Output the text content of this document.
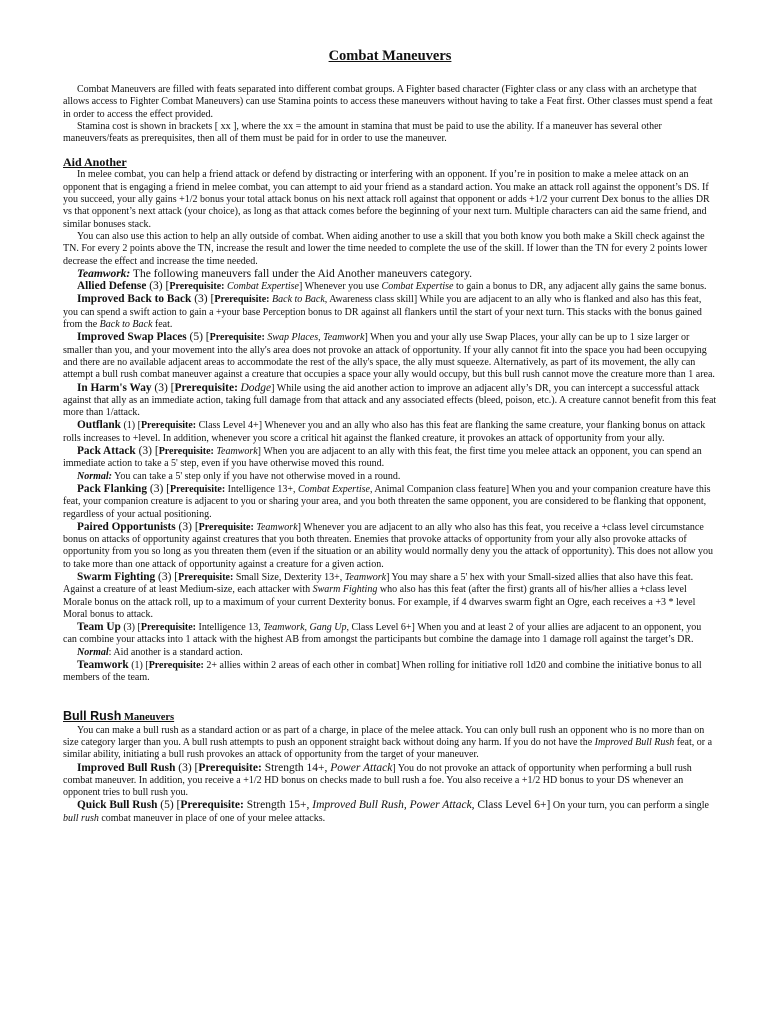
Combat Maneuvers

Combat Maneuvers are filled with feats separated into different combat groups. A Fighter based character (Fighter class or any class with an archetype that allows access to Fighter Combat Maneuvers) can use Stamina points to access these maneuvers without having to take a Feat first. Other classes must spend a feat in order to access the effect provided.

Stamina cost is shown in brackets [ xx ], where the xx = the amount in stamina that must be paid to use the ability. If a maneuver has several other maneuvers/feats as prerequisites, then all of them must be paid for in order to use the maneuver.

Aid Another

In melee combat, you can help a friend attack or defend by distracting or interfering with an opponent. If you’re in position to make a melee attack on an opponent that is engaging a friend in melee combat, you can attempt to aid your friend as a standard action. You make an attack roll against the opponent’s DS. If you succeed, your ally gains +1/2 bonus your total attack bonus on his next attack roll against that opponent or adds +1/2 your current Dex bonus to the allies DR vs that opponent’s next attack (your choice), as long as that attack comes before the beginning of your next turn. Multiple characters can aid the same friend, and similar bonuses stack.

You can also use this action to help an ally outside of combat. When aiding another to use a skill that you both know you both make a Skill check against the TN. For every 2 points above the TN, increase the result and lower the time needed to complete the use of the skill. If lower than the TN for every 2 points lower decrease the effect and increase the time needed.

Teamwork: The following maneuvers fall under the Aid Another maneuvers category.

Allied Defense (3) [Prerequisite: Combat Expertise] Whenever you use Combat Expertise to gain a bonus to DR, any adjacent ally gains the same bonus.

Improved Back to Back (3) [Prerequisite: Back to Back, Awareness class skill] While you are adjacent to an ally who is flanked and also has this feat, you can spend a swift action to gain a +your base Perception bonus to DR against all flankers until the start of your next turn. This stacks with the bonus gained from the Back to Back feat.

Improved Swap Places (5) [Prerequisite: Swap Places, Teamwork] When you and your ally use Swap Places, your ally can be up to 1 size larger or smaller than you, and your movement into the ally's area does not provoke an attack of opportunity. If your ally cannot fit into the space you had been occupying and there are no available adjacent areas to accommodate the rest of the ally's space, the ally must squeeze. Alternatively, as part of its movement, the ally can attempt a bull rush combat maneuver against a creature that occupies a space your ally would occupy, but this bull rush cannot move the creature more than 1 area.

In Harm's Way (3) [Prerequisite: Dodge] While using the aid another action to improve an adjacent ally’s DR, you can intercept a successful attack against that ally as an immediate action, taking full damage from that attack and any associated effects (bleed, poison, etc.). A creature cannot benefit from this feat more than 1/attack.

Outflank (1) [Prerequisite: Class Level 4+] Whenever you and an ally who also has this feat are flanking the same creature, your flanking bonus on attack rolls increases to +level. In addition, whenever you score a critical hit against the flanked creature, it provokes an attack of opportunity from your ally.

Pack Attack (3) [Prerequisite: Teamwork] When you are adjacent to an ally with this feat, the first time you melee attack an opponent, you can spend an immediate action to take a 5' step, even if you have otherwise moved this round.

Normal: You can take a 5' step only if you have not otherwise moved in a round.

Pack Flanking (3) [Prerequisite: Intelligence 13+, Combat Expertise, Animal Companion class feature] When you and your companion creature have this feat, your companion creature is adjacent to you or sharing your area, and you both threaten the same opponent, you are considered to be flanking that opponent, regardless of your actual positioning.

Paired Opportunists (3) [Prerequisite: Teamwork] Whenever you are adjacent to an ally who also has this feat, you receive a +class level circumstance bonus on attacks of opportunity against creatures that you both threaten. Enemies that provoke attacks of opportunity from your ally also provoke attacks of opportunity from you so long as you threaten them (even if the situation or an ability would normally deny you the attack of opportunity). This does not allow you to take more than one attack of opportunity against a creature for a given action.

Swarm Fighting (3) [Prerequisite: Small Size, Dexterity 13+, Teamwork] You may share a 5' hex with your Small-sized allies that also have this feat. Against a creature of at least Medium-size, each attacker with Swarm Fighting who also has this feat (after the first) grants all of his/her allies a +class level Morale bonus on the attack roll, up to a maximum of your current Dexterity bonus. For example, if 4 dwarves swarm fight an Ogre, each receives a +3 * level Moral bonus to attack.

Team Up (3) [Prerequisite: Intelligence 13, Teamwork, Gang Up, Class Level 6+] When you and at least 2 of your allies are adjacent to an opponent, you can combine your attacks into 1 attack with the highest AB from amongst the participants but combine the damage into 1 damage roll against the target’s DR.

Normal: Aid another is a standard action.

Teamwork (1) [Prerequisite: 2+ allies within 2 areas of each other in combat] When rolling for initiative roll 1d20 and combine the initiative bonus to all members of the team.

Bull Rush Maneuvers

You can make a bull rush as a standard action or as part of a charge, in place of the melee attack. You can only bull rush an opponent who is no more than on size category larger than you. A bull rush attempts to push an opponent straight back without doing any harm. If you do not have the Improved Bull Rush feat, or a similar ability, initiating a bull rush provokes an attack of opportunity from the target of your maneuver.

Improved Bull Rush (3) [Prerequisite: Strength 14+, Power Attack] You do not provoke an attack of opportunity when performing a bull rush combat maneuver. In addition, you receive a +1/2 HD bonus on checks made to bull rush a foe. You also receive a +1/2 HD bonus to your DS whenever an opponent tries to bull rush you.

Quick Bull Rush (5) [Prerequisite: Strength 15+, Improved Bull Rush, Power Attack, Class Level 6+] On your turn, you can perform a single bull rush combat maneuver in place of one of your melee attacks.
